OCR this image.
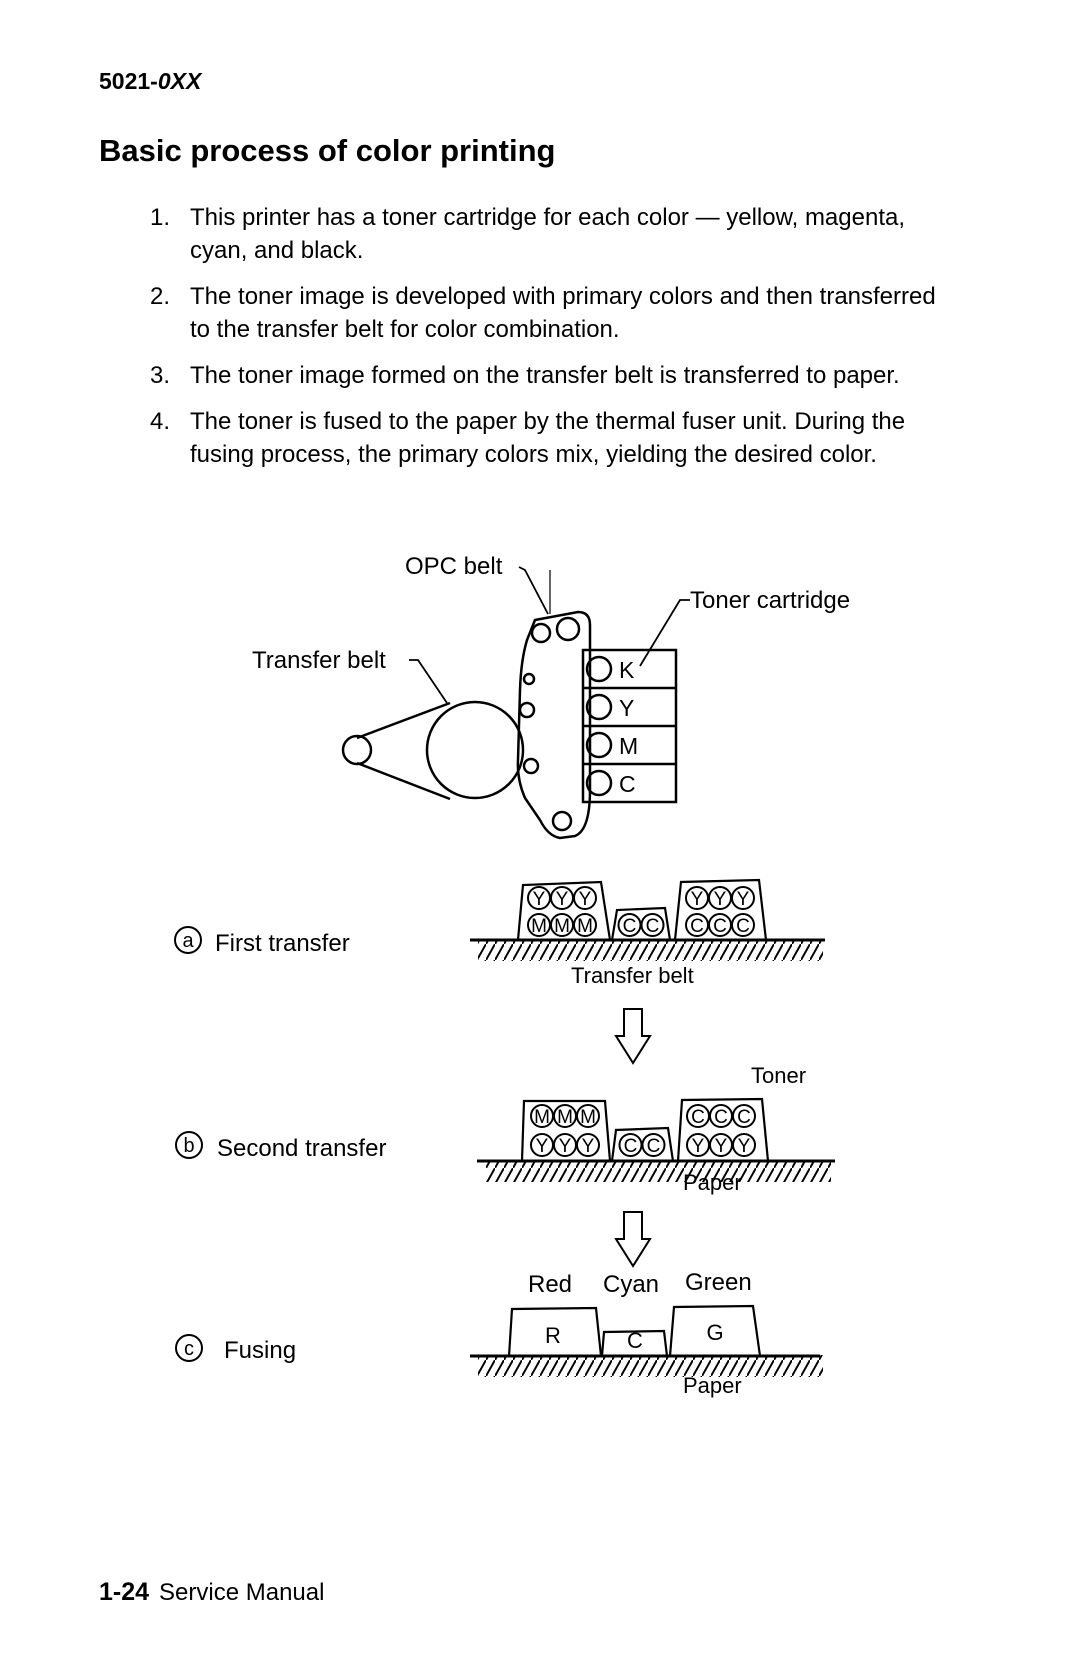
5021-0XX
Basic process of color printing
1. This printer has a toner cartridge for each color — yellow, magenta, cyan, and black.
2. The toner image is developed with primary colors and then transferred to the transfer belt for color combination.
3. The toner image formed on the transfer belt is transferred to paper.
4. The toner is fused to the paper by the thermal fuser unit. During the fusing process, the primary colors mix, yielding the desired color.
OPC belt
Toner cartridge
Transfer belt	K
Y
M
C
a First transfer
b Second transfer
c Fusing
Y Y Y
M M M C C
Y Y Y
C C C
Transfer belt
Toner
M M M
Y Y Y C C
C C C
Y Y Y
Paper
Red Cyan Green
R	C	G
Paper
1-24 Service Manual
